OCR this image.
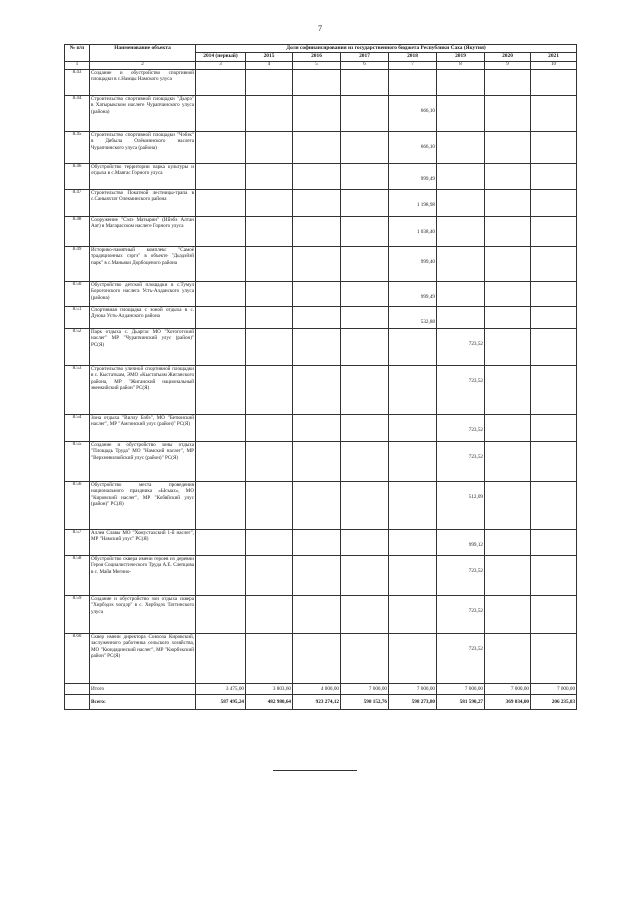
7
№ п/п	Наименование объекта	Доля софинансирования из государственного бюджета Республики Саха (Якутия)							
		2014 (первый)	2015	2016	2017	2018	2019	2020	2021
1	2	3	4	5	6	7	8	9	10
8.43	Создание и обустройство спортивной площадки в с.Намцы Намского улуса	

8.44	Строительство спортивной площадки "Дьэрэ" в Хатырыкском наслеге Чурапчинского улуса (района)					666,10			

8.45	Строительство спортивной площадки "Чэбэк" в Дябыла Олёкминского наслега Чурапчинского улуса (района)					666,10			

8.46	Обустройство территории парка культуры и отдыха в с.Маягас Горного улуса					999,49			

8.47	Строительство Покатной лестницы-трапа в с.Саныяхтат Олекминского района					1 198,98			

8.48	Сооружение "Сэлэ Матырин" (Ийэбэ Алтан Аат) в Магарасском наслеге Горного улуса					1 038,40			

8.49	Историко-памятный комплекс "Самоё традиционных сэргэ" в объекте "Дьэдэйэй парк" в с.Маньяки Дорбоценого района					999,40			

8.50	Обустройство детской площадки в с.Тумул Борогонского наслега Усть-Алданского улуса (района)					999,49			

8.51	Спортивная площадка с зоной отдыха в с. Дуюка Усть-Алданского района					532,88			

8.52	Парк отдыха с. Дьаргас МО "Хотоготский наслег" МР "Чурапчинский улус (район)" РС(Я)						723,52		

8.53	Строительство уличной спортивной площадки в с. Кыстатыам, ЭМО «Кыстатыам Жиганского района, МР "Жиганский национальный эвенкийский район" РС(Я)						723,52		

8.54	Зона отдыха "Виллу Бэбэ", МО "Бетюнский наслег", МР "Амгинский улус (район)" РС(Я)						723,52		

8.55	Создание и обустройство зоны отдыха "Площадь Труда" МО "Намский наслег", МР "Верхневилюйский улус (район)" РС(Я)						723,52		

8.56	Обустройство места проведения национального праздника «Ысыах», МО "Кировский наслег", МР "Кобяйский улус (район)" РС(Я)						512,09		

8.57	Аллея Славы МО "Хомустахский 1-й наслег", МР "Намский улус" РС(Я)						999,12		

8.58	Обустройство сквера имени героев из деревни Героя Социалистического Труда А.Е. Слепцова в с. Майя Мегино-						723,52		

8.59	Создание и обустройство зон отдыха сквера "Хирбэдэх чогдэр" в с. Хербэдэх Таттинского улуса						723,52		

8.60	Сквер имени директора Совхоза Кировский, заслуженного работника сельского хозяйства, МО "Кюндядинский наслег", МР "Кюрбэкский район" РС(Я)						723,52		

	Итого	3 475,00	3 803,60	4 000,00	7 000,00	7 000,00	7 000,00	7 000,00	7 000,00

	Всего:	587 495,24	482 980,64	923 274,12	590 152,76	598 273,80	581 590,27	369 034,00	206 235,83
